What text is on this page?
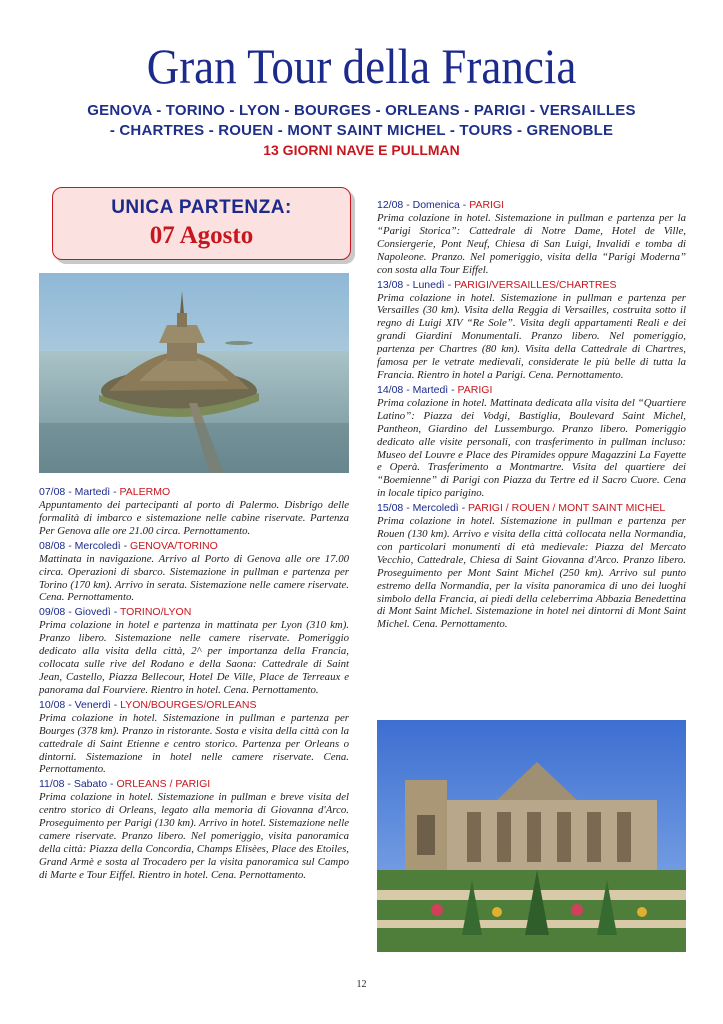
Gran Tour della Francia
GENOVA - TORINO - LYON - BOURGES - ORLEANS - PARIGI - VERSAILLES
- CHARTRES - ROUEN - MONT SAINT MICHEL - TOURS - GRENOBLE
13 GIORNI NAVE E PULLMAN
UNICA PARTENZA:
07 Agosto
07/08 - Martedì - PALERMO

Appuntamento dei partecipanti al porto di Palermo. Disbrigo delle formalità di imbarco e sistemazione nelle cabine riservate. Partenza Per Genova alle ore 21.00 circa. Pernottamento.

08/08 - Mercoledì - GENOVA/TORINO

Mattinata in navigazione. Arrivo al Porto di Genova alle ore 17.00 circa. Operazioni di sbarco. Sistemazione in pullman e partenza per Torino (170 km). Arrivo in serata. Sistemazione nelle camere riservate. Cena. Pernottamento.

09/08 - Giovedì - TORINO/LYON

Prima colazione in hotel e partenza in mattinata per Lyon (310 km). Pranzo libero. Sistemazione nelle camere riservate. Pomeriggio dedicato alla visita della città, 2^ per importanza della Francia, collocata sulle rive del Rodano e della Saona: Cattedrale di Saint Jean, Castello, Piazza Bellecour, Hotel De Ville, Place de Terreaux e panorama dal Fourviere. Rientro in hotel. Cena. Pernottamento.

10/08 - Venerdì - LYON/BOURGES/ORLEANS

Prima colazione in hotel. Sistemazione in pullman e partenza per Bourges (378 km). Pranzo in ristorante. Sosta e visita della città con la cattedrale di Saint Etienne e centro storico. Partenza per Orleans o dintorni. Sistemazione in hotel nelle camere riservate. Cena. Pernottamento.

11/08 - Sabato - ORLEANS / PARIGI

Prima colazione in hotel. Sistemazione in pullman e breve visita del centro storico di Orleans, legato alla memoria di Giovanna d'Arco. Proseguimento per Parigi (130 km). Arrivo in hotel. Sistemazione nelle camere riservate. Pranzo libero. Nel pomeriggio, visita panoramica della città: Piazza della Concordia, Champs Elisèes, Place des Etoiles, Grand Armè e sosta al Trocadero per la visita panoramica sul Campo di Marte e Tour Eiffel. Rientro in hotel. Cena. Pernottamento.

12/08 - Domenica - PARIGI

Prima colazione in hotel. Sistemazione in pullman e partenza per la “Parigi Storica”: Cattedrale di Notre Dame, Hotel de Ville, Consiergerie, Pont Neuf, Chiesa di San Luigi, Invalidi e tomba di Napoleone. Pranzo. Nel pomeriggio, visita della “Parigi Moderna” con sosta alla Tour Eiffel.

13/08 - Lunedì - PARIGI/VERSAILLES/CHARTRES

Prima colazione in hotel. Sistemazione in pullman e partenza per Versailles (30 km). Visita della Reggia di Versailles, costruita sotto il regno di Luigi XIV “Re Sole”. Visita degli appartamenti Reali e dei grandi Giardini Monumentali. Pranzo libero. Nel pomeriggio, partenza per Chartres (80 km). Visita della Cattedrale di Chartres, famosa per le vetrate medievali, considerate le più belle di tutta la Francia. Rientro in hotel a Parigi. Cena. Pernottamento.

14/08 - Martedì - PARIGI

Prima colazione in hotel. Mattinata dedicata alla visita del “Quartiere Latino”: Piazza dei Vodgi, Bastiglia, Boulevard Saint Michel, Pantheon, Giardino del Lussemburgo. Pranzo libero. Pomeriggio dedicato alle visite personali, con trasferimento in pullman incluso: Museo del Louvre e Place des Piramides oppure Magazzini La Fayette e Operà. Trasferimento a Montmartre. Visita del quartiere dei “Boemienne” di Parigi con Piazza du Tertre ed il Sacro Cuore. Cena in locale tipico parigino.

15/08 - Mercoledì - PARIGI / ROUEN / MONT SAINT MICHEL

Prima colazione in hotel. Sistemazione in pullman e partenza per Rouen (130 km). Arrivo e visita della città collocata nella Normandia, con particolari monumenti di età medievale: Piazza del Mercato Vecchio, Cattedrale, Chiesa di Saint Giovanna d'Arco. Pranzo libero. Proseguimento per Mont Saint Michel (250 km). Arrivo sul punto estremo della Normandia, per la visita panoramica di uno dei luoghi simbolo della Francia, ai piedi della celeberrima Abbazia Benedettina di Mont Saint Michel. Sistemazione in hotel nei dintorni di Mont Saint Michel. Cena. Pernottamento.

12
